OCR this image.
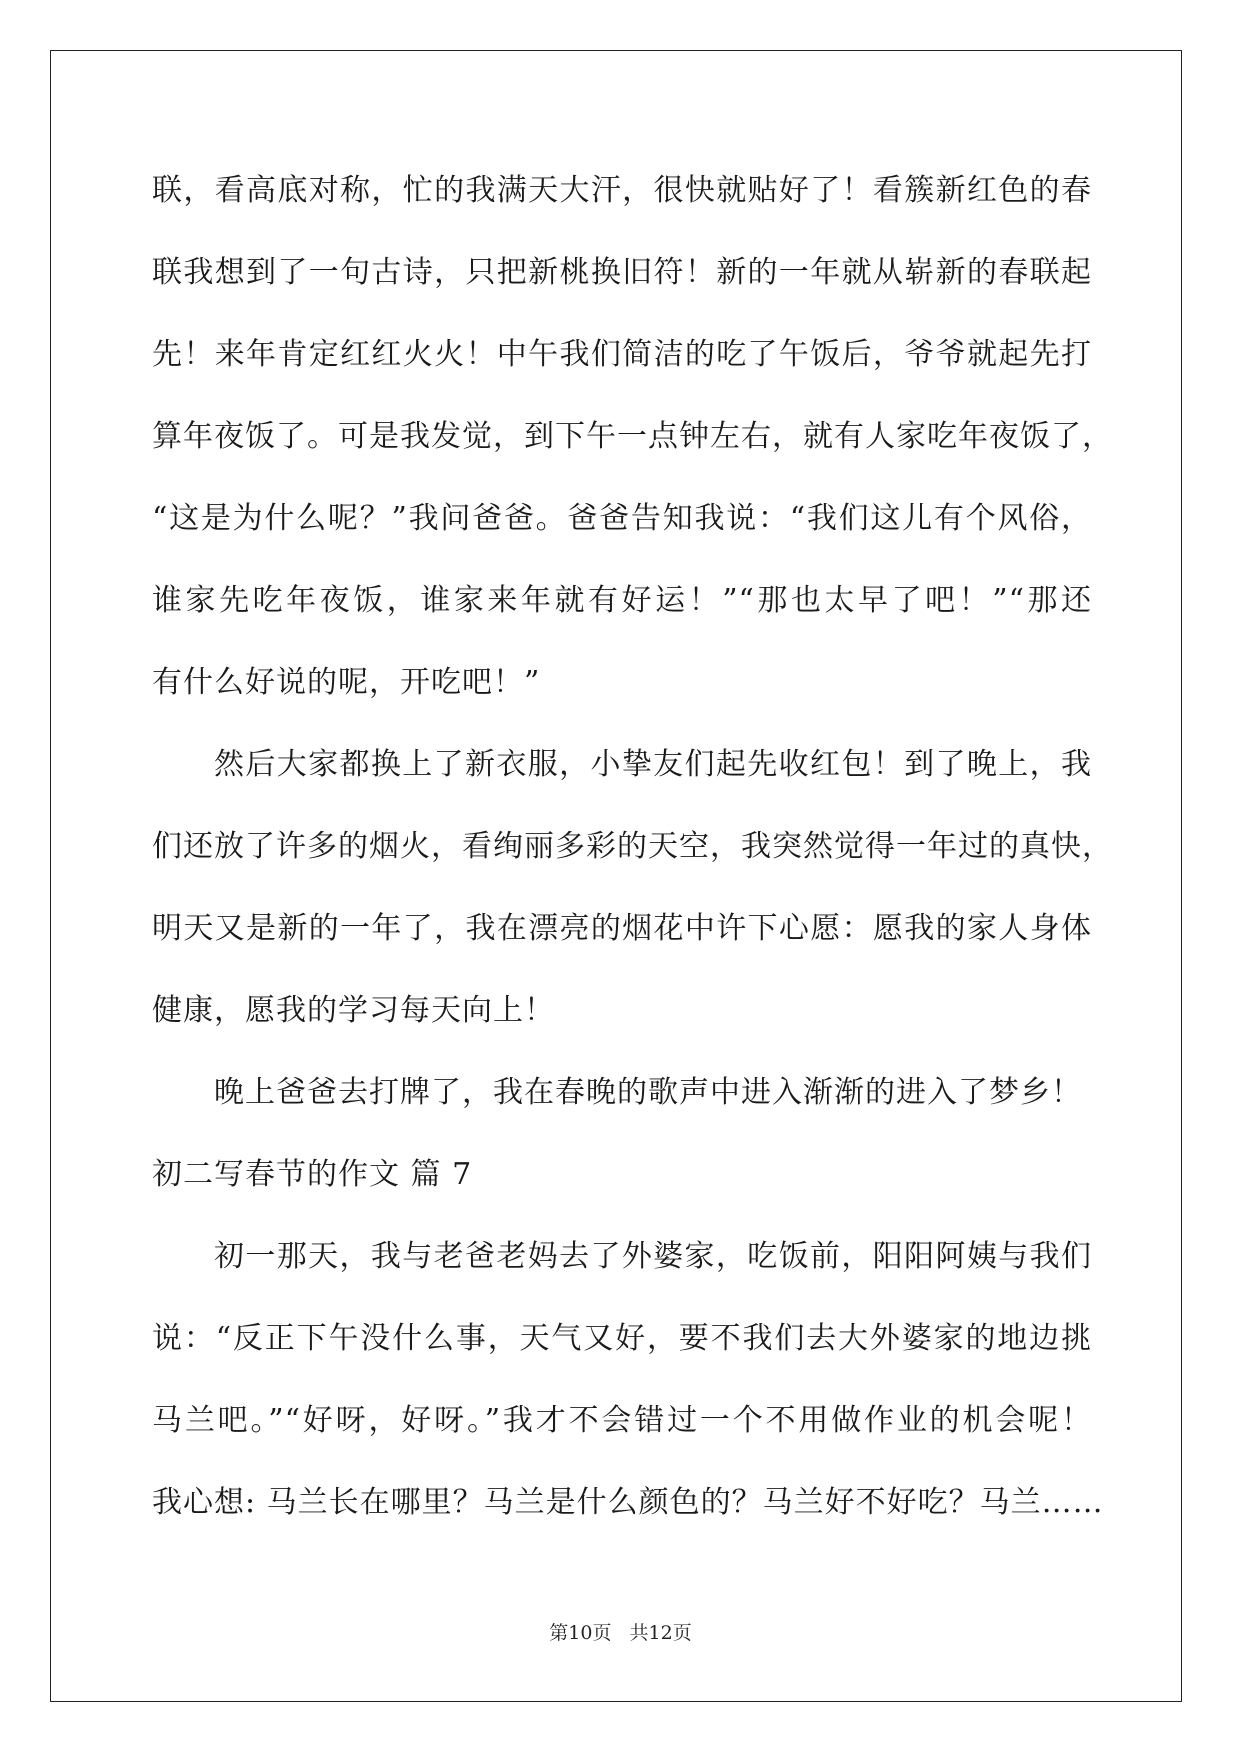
联，看高底对称，忙的我满天大汗，很快就贴好了！看簇新红色的春
联我想到了一句古诗，只把新桃换旧符！新的一年就从崭新的春联起
先！来年肯定红红火火！中午我们简洁的吃了午饭后，爷爷就起先打
算年夜饭了。可是我发觉，到下午一点钟左右，就有人家吃年夜饭了，
“这是为什么呢？”我问爸爸。爸爸告知我说：“我们这儿有个风俗，
谁家先吃年夜饭，谁家来年就有好运！”“那也太早了吧！”“那还
有什么好说的呢，开吃吧！”
然后大家都换上了新衣服，小挚友们起先收红包！到了晚上，我
们还放了许多的烟火，看绚丽多彩的天空，我突然觉得一年过的真快，
明天又是新的一年了，我在漂亮的烟花中许下心愿：愿我的家人身体
健康，愿我的学习每天向上！
晚上爸爸去打牌了，我在春晚的歌声中进入渐渐的进入了梦乡！
初二写春节的作文 篇 7
初一那天，我与老爸老妈去了外婆家，吃饭前，阳阳阿姨与我们
说：“反正下午没什么事，天气又好，要不我们去大外婆家的地边挑
马兰吧。”“好呀，好呀。”我才不会错过一个不用做作业的机会呢！
我心想: 马兰长在哪里？马兰是什么颜色的？马兰好不好吃？马兰……
第10页 共12页
